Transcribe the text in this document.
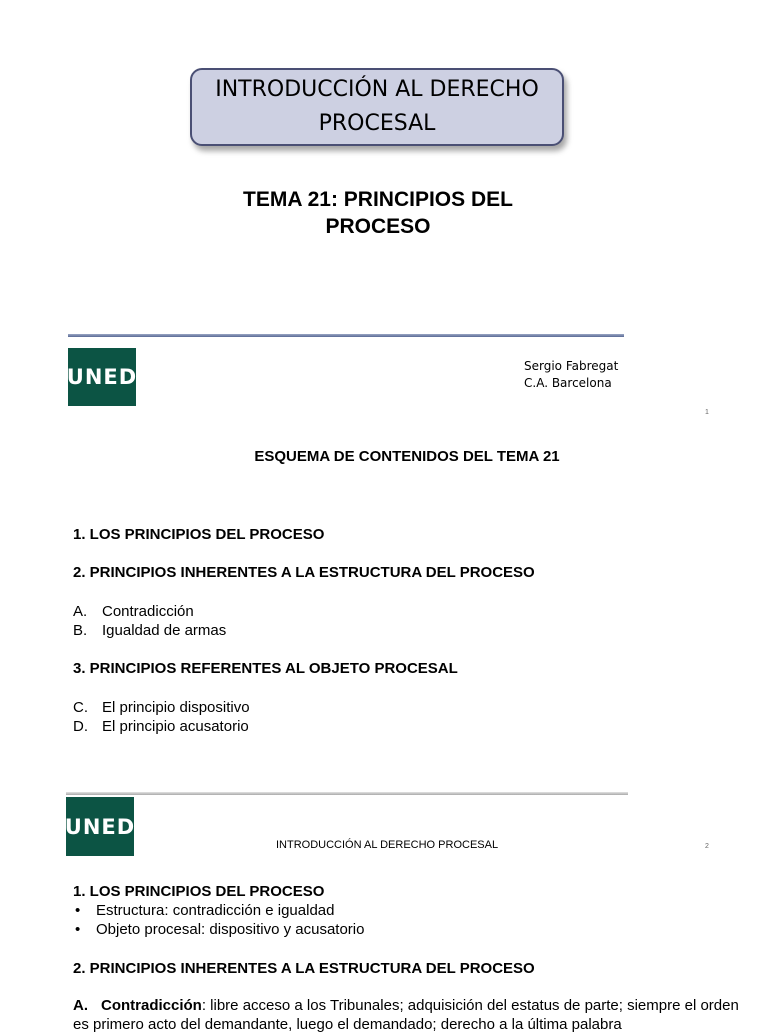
INTRODUCCIÓN AL DERECHO PROCESAL
TEMA 21: PRINCIPIOS DEL PROCESO
UNED	Sergio Fabregat
C.A. Barcelona
1
ESQUEMA DE CONTENIDOS DEL TEMA 21
1. LOS PRINCIPIOS DEL PROCESO
2. PRINCIPIOS INHERENTES A LA ESTRUCTURA DEL PROCESO
A. Contradicción
B. Igualdad de armas
3. PRINCIPIOS REFERENTES AL OBJETO PROCESAL
C. El principio dispositivo
D. El principio acusatorio
UNED
INTRODUCCIÓN AL DERECHO PROCESAL	2
1. LOS PRINCIPIOS DEL PROCESO
•	Estructura: contradicción e igualdad
•	Objeto procesal: dispositivo y acusatorio
2. PRINCIPIOS INHERENTES A LA ESTRUCTURA DEL PROCESO
A. Contradicción: libre acceso a los Tribunales; adquisición del estatus de parte; siempre el orden es primero acto del demandante, luego el demandado; derecho a la última palabra
